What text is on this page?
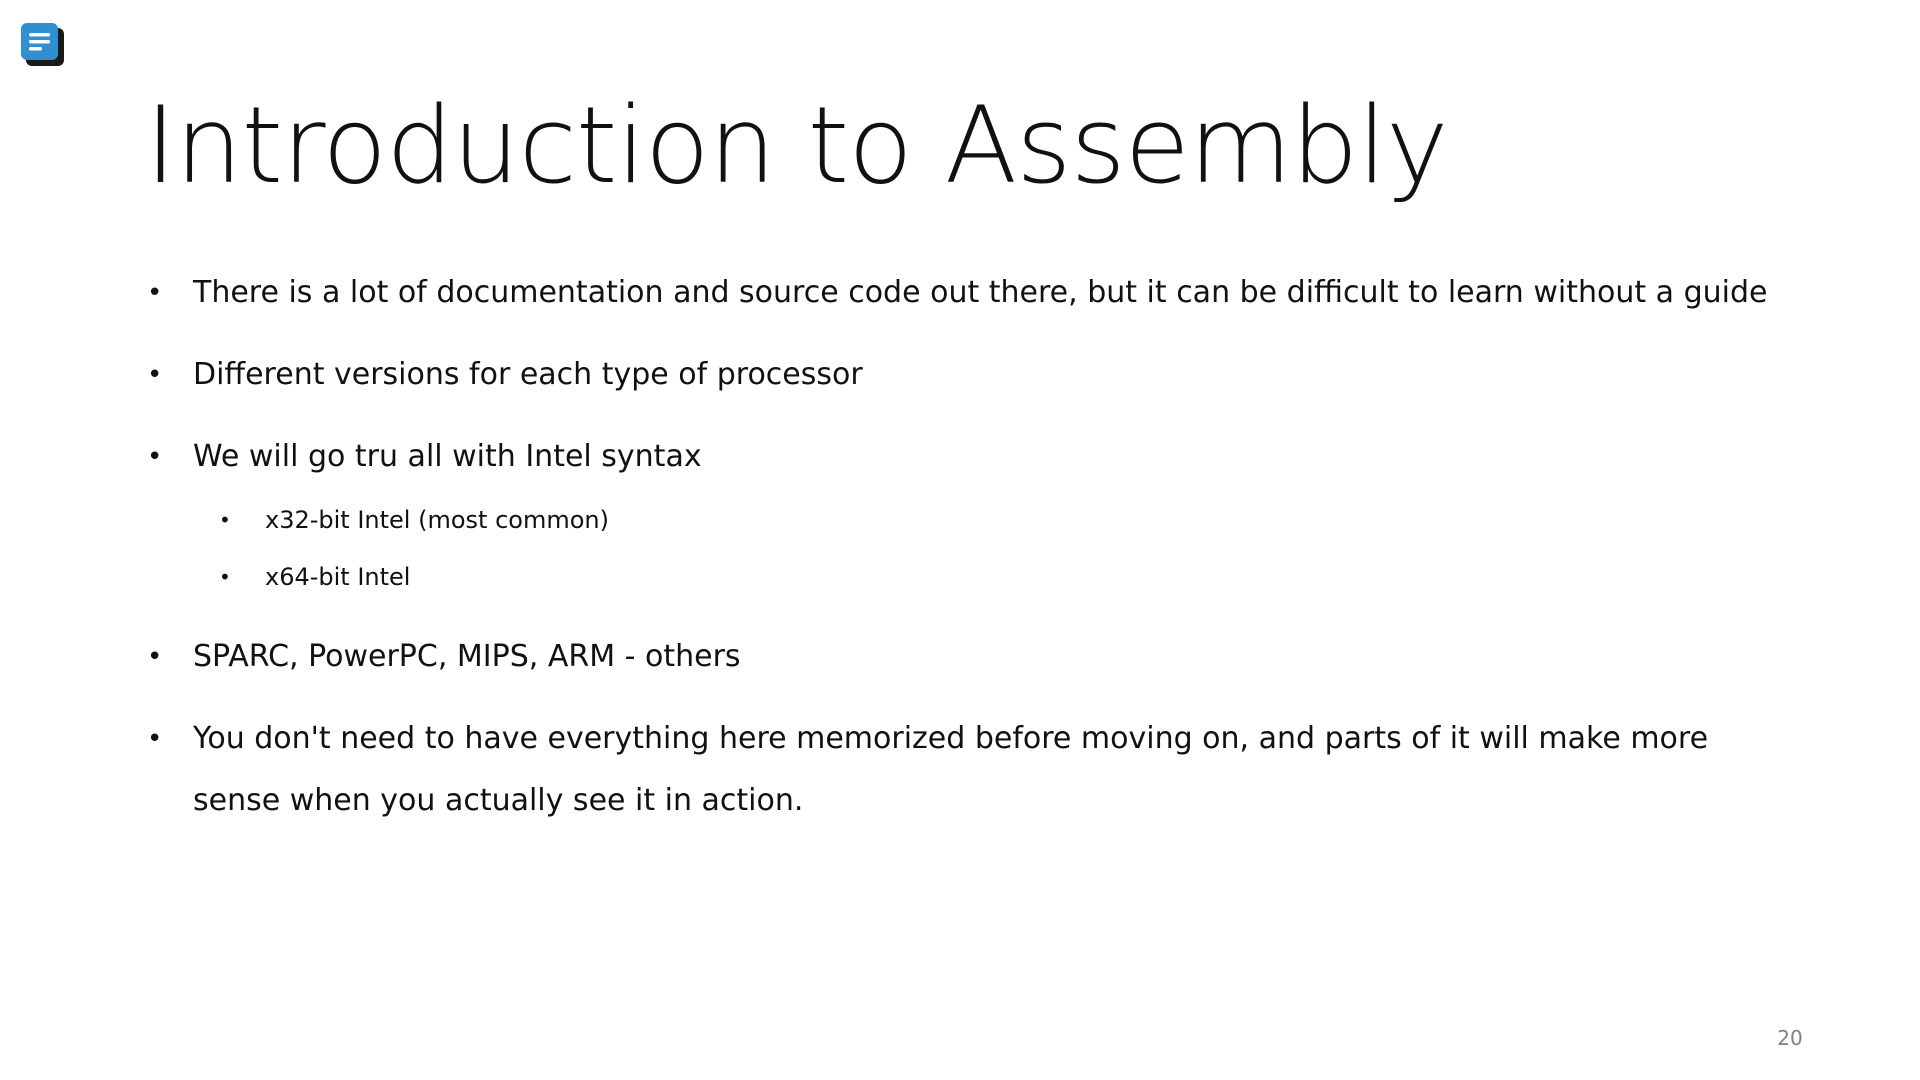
Introduction to Assembly
• There is a lot of documentation and source code out there, but it can be difficult to learn without a guide
• Different versions for each type of processor
• We will go tru all with Intel syntax
• x32-bit Intel (most common)
• x64-bit Intel
• SPARC, PowerPC, MIPS, ARM - others
• You don't need to have everything here memorized before moving on, and parts of it will make more sense when you actually see it in action.
20
